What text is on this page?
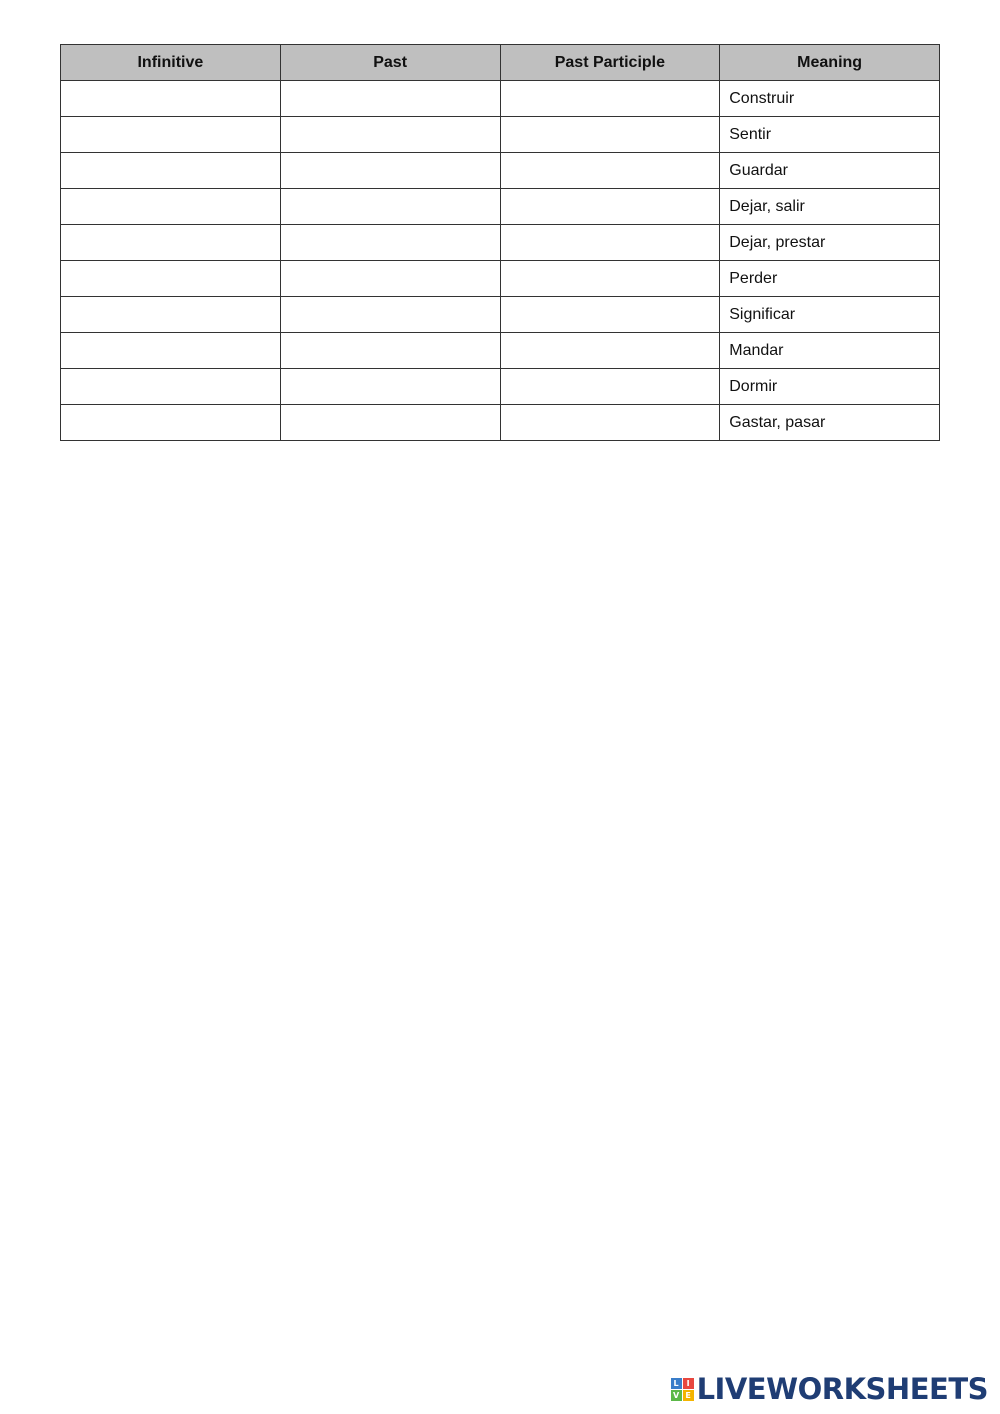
Infinitive	Past	Past Participle	Meaning
			Construir
			Sentir
			Guardar
			Dejar, salir
			Dejar, prestar
			Perder
			Significar
			Mandar
			Dormir
			Gastar, pasar
L I
V E LIVEWORKSHEETS
